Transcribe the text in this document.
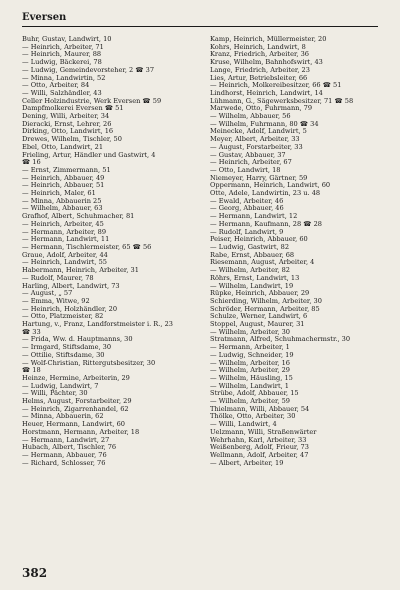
Eversen
Buhr, Gustav, Landwirt, 10
— Heinrich, Arbeiter, 71
— Heinrich, Maurer, 88
— Ludwig, Bäckerei, 78
— Ludwig, Gemeindevorsteher, 2 ☎ 37
— Minna, Landwirtin, 52
— Otto, Arbeiter, 84
— Willi, Salzhändler, 43
Celler Holzindustrie, Werk Eversen ☎ 59
Dampfmolkerei Eversen ☎ 51
Dening, Willi, Arbeiter, 34
Dieracki, Ernst, Lehrer, 26
Dirking, Otto, Landwirt, 16
Drewes, Wilhelm, Tischler, 50
Ebel, Otto, Landwirt, 21
Frieling, Artur, Händler und Gastwirt, 4
☎ 16
— Ernst, Zimmermann, 51
— Heinrich, Abbauer, 49
— Heinrich, Abbauer, 51
— Heinrich, Maler, 61
— Minna, Abbauerin 25
— Wilhelm, Abbauer, 63
Grafhof, Albert, Schuhmacher, 81
— Heinrich, Arbeiter, 45
— Hermann, Arbeiter, 89
— Hermann, Landwirt, 11
— Hermann, Tischlermeister, 65 ☎ 56
Graue, Adolf, Arbeiter, 44
— Heinrich, Landwirt, 55
Habermann, Heinrich, Arbeiter, 31
— Rudolf, Maurer, 78
Harling, Albert, Landwirt, 73
— August, „ 57
— Emma, Witwe, 92
— Heinrich, Holzhändler, 20
— Otto, Platzmeister, 82
Hartung, v., Franz, Landforstmeister i. R., 23
☎ 33
— Frida, Ww. d. Hauptmanns, 30
— Irmgard, Stiftsdame, 30
— Ottilie, Stiftsdame, 30
— Wolf-Christian, Rittergutsbesitzer, 30
☎ 18
Heinze, Hermine, Arbeiterin, 29
— Ludwig, Landwirt, 7
— Willi, Pächter, 30
Helms, August, Forstarbeiter, 29
— Heinrich, Zigarrenhandel, 62
— Minna, Abbauerin, 62
Heuer, Hermann, Landwirt, 60
Horstmann, Hermann, Arbeiter, 18
— Hermann, Landwirt, 27
Hubach, Albert, Tischler, 76
— Hermann, Abbauer, 76
— Richard, Schlosser, 76
Kamp, Heinrich, Müllermeister, 20
Kohrs, Heinrich, Landwirt, 8
Kranz, Friedrich, Arbeiter, 36
Kruse, Wilhelm, Bahnhofswirt, 43
Lange, Friedrich, Arbeiter, 23
Lies, Artur, Betriebsleiter, 66
— Heinrich, Molkereibesitzer, 66 ☎ 51
Lindhorst, Heinrich, Landwirt, 14
Lühmann, G., Sägewerksbesitzer, 71 ☎ 58
Marwede, Otto, Fuhrmann, 79
— Wilhelm, Abbauer, 56
— Wilhelm, Fuhrmann, 80 ☎ 34
Meinecke, Adolf, Landwirt, 5
Meyer, Albert, Arbeiter, 33
— August, Forstarbeiter, 33
— Gustav, Abbauer, 37
— Heinrich, Arbeiter, 67
— Otto, Landwirt, 18
Niemeyer, Harry, Gärtner, 59
Oppermann, Heinrich, Landwirt, 60
Otte, Adele, Landwirtin, 23 u. 48
— Ewald, Arbeiter, 46
— Georg, Abbauer, 46
— Hermann, Landwirt, 12
— Hermann, Kaufmann, 28 ☎ 28
— Rudolf, Landwirt, 9
Peiser, Heinrich, Abbauer, 60
— Ludwig, Gastwirt, 82
Rabe, Ernst, Abbauer, 68
Riesemann, August, Arbeiter, 4
— Wilhelm, Arbeiter, 82
Röhrs, Ernst, Landwirt, 13
— Wilhelm, Landwirt, 19
Rüpke, Heinrich, Abbauer, 29
Schierding, Wilhelm, Arbeiter, 30
Schröder, Hermann, Arbeiter, 85
Schulze, Werner, Landwirt, 6
Stoppel, August, Maurer, 31
— Wilhelm, Arbeiter, 30
Stratmann, Alfred, Schuhmachermstr., 30
— Hermann, Arbeiter, 1
— Ludwig, Schneider, 19
— Wilhelm, Arbeiter, 16
— Wilhelm, Arbeiter, 29
— Wilhelm, Häusling, 15
— Wilhelm, Landwirt, 1
Strübe, Adolf, Abbauer, 15
— Wilhelm, Arbeiter, 59
Thielmann, Willi, Abbauer, 54
Thölke, Otto, Arbeiter, 30
— Willi, Landwirt, 4
Uelzmann, Willi, Straßenwärter
Wehrhahn, Karl, Arbeiter, 33
Weißenberg, Adolf, Frieur, 73
Wellmann, Adolf, Arbeiter, 47
— Albert, Arbeiter, 19
382
